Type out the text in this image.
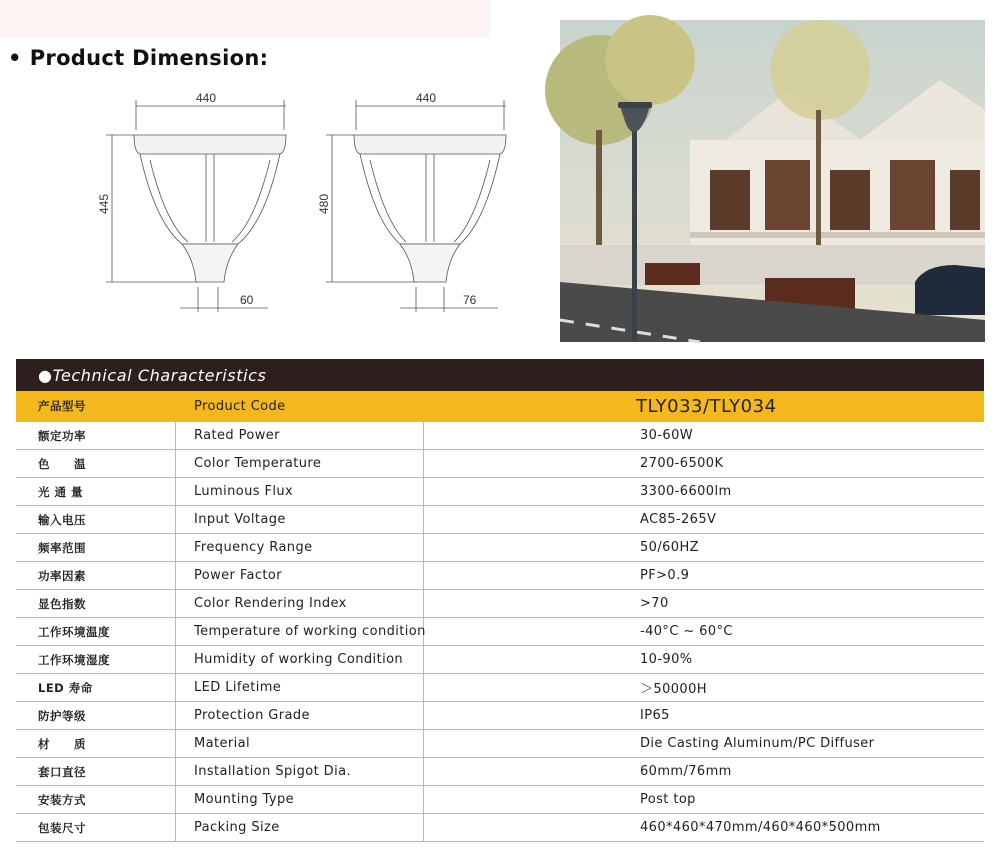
• Product Dimension:
440
445
60
440
480
76
● Technical Characteristics
产品型号	Product Code	TLY033/TLY034
额定功率	Rated Power	30-60W
色　　温	Color Temperature	2700-6500K
光 通 量	Luminous Flux	3300-6600lm
输入电压	Input Voltage	AC85-265V
频率范围	Frequency Range	50/60HZ
功率因素	Power Factor	PF>0.9
显色指数	Color Rendering Index	>70
工作环境温度	Temperature of working condition	-40°C ~ 60°C
工作环境湿度	Humidity of working Condition	10-90%
LED 寿命	LED Lifetime	＞50000H
防护等级	Protection Grade	IP65
材　　质	Material	Die Casting Aluminum/PC Diffuser
套口直径	Installation Spigot Dia.	60mm/76mm
安装方式	Mounting Type	Post top
包装尺寸	Packing Size	460*460*470mm/460*460*500mm
